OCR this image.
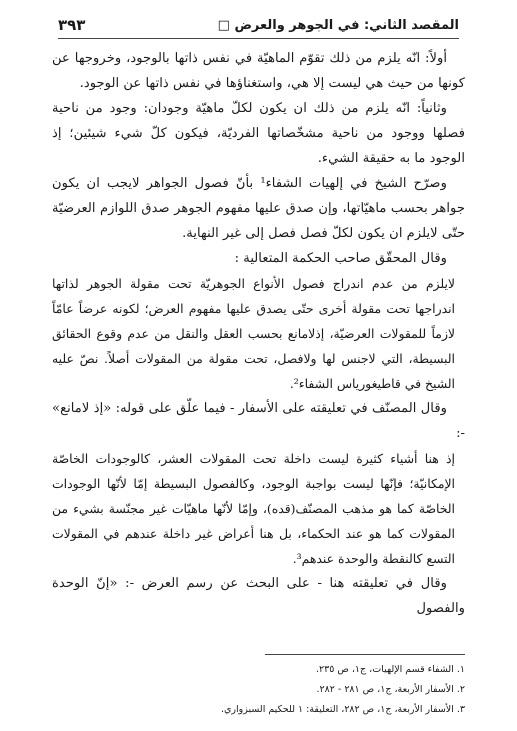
المقصد الثاني: في الجوهر والعرض □
٣٩٣

أولاً: انّه يلزم من ذلك تقوّم الماهيّة في نفس ذاتها بالوجود، وخروجها عن كونها من حيث هي ليست إلا هي، واستغناؤها في نفس ذاتها عن الوجود.

وثانياً: انّه يلزم من ذلك ان يكون لكلّ ماهيّة وجودان: وجود من ناحية فصلها ووجود من ناحية مشخّصاتها الفرديّة، فيكون كلّ شيء شيئين؛ إذ الوجود ما به حقيقة الشيء.

وصرّح الشيخ في إلهيات الشفاء¹ بأنّ فصول الجواهر لايجب ان يكون جواهر بحسب ماهيّاتها، وإن صدق عليها مفهوم الجوهر صدق اللوازم العرضيّة حتّى لايلزم ان يكون لكلّ فصل فصل إلى غير النهاية.

وقال المحقّق صاحب الحكمة المتعالية :

لايلزم من عدم اندراج فصول الأنواع الجوهريّة تحت مقولة الجوهر لذاتها اندراجها تحت مقولة أخرى حتّى يصدق عليها مفهوم العرض؛ لكونه عرضاً عامّاً لازماً للمقولات العرضيّة، إذلامانع بحسب العقل والنقل من عدم وقوع الحقائق البسيطة، التي لاجنس لها ولافصل، تحت مقولة من المقولات أصلاً. نصّ عليه الشيخ في قاطيغورياس الشفاء².

وقال المصنّف في تعليقته على الأسفار - فيما علّق على قوله: «إذ لامانع» -:

إذ هنا أشياء كثيرة ليست داخلة تحت المقولات العشر، كالوجودات الخاصّة الإمكانيّة؛ فإنّها ليست بواجبة الوجود، وكالفصول البسيطة إمّا لأنّها الوجودات الخاصّة كما هو مذهب المصنّف(قده)، وإمّا لأنّها ماهيّات غير مجنّسة بشيء من المقولات كما هو عند الحكماء، بل هنا أعراض غير داخلة عندهم في المقولات التسع كالنقطة والوحدة عندهم³.

وقال في تعليقته هنا - على البحث عن رسم العرض -: «إنّ الوحدة والفصول

١. الشفاء قسم الإلهيات، ج١، ص ٢٣٥.
٢. الأسفار الأربعة، ج١، ص ٢٨١ - ٢٨٢.
٣. الأسفار الأربعة، ج١، ص ٢٨٢، التعليقة: ١ للحكيم السبزواري.
